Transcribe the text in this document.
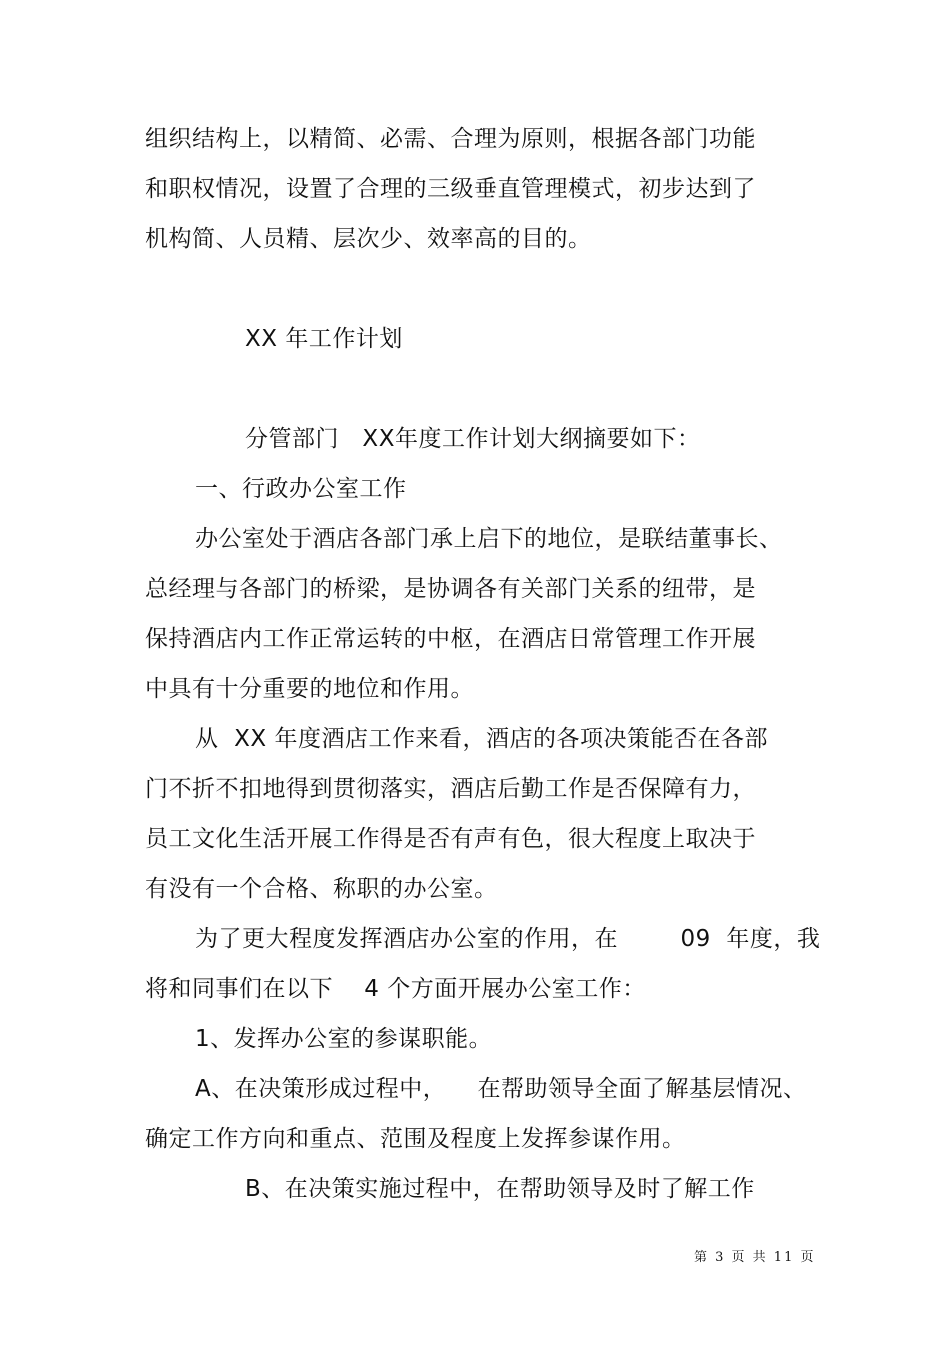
组织结构上，以精简、必需、合理为原则，根据各部门功能
和职权情况，设置了合理的三级垂直管理模式，初步达到了
机构简、人员精、层次少、效率高的目的。
XX 年工作计划
分管部门   XX年度工作计划大纲摘要如下：
一、行政办公室工作
办公室处于酒店各部门承上启下的地位，是联结董事长、
总经理与各部门的桥梁，是协调各有关部门关系的纽带，是
保持酒店内工作正常运转的中枢，在酒店日常管理工作开展
中具有十分重要的地位和作用。
从  XX 年度酒店工作来看，酒店的各项决策能否在各部
门不折不扣地得到贯彻落实，酒店后勤工作是否保障有力，
员工文化生活开展工作得是否有声有色，很大程度上取决于
有没有一个合格、称职的办公室。
为了更大程度发挥酒店办公室的作用，在        09  年度，我
将和同事们在以下    4 个方面开展办公室工作：
1、发挥办公室的参谋职能。
A、在决策形成过程中，    在帮助领导全面了解基层情况、
确定工作方向和重点、范围及程度上发挥参谋作用。
B、在决策实施过程中，在帮助领导及时了解工作
第 3 页 共 11 页
